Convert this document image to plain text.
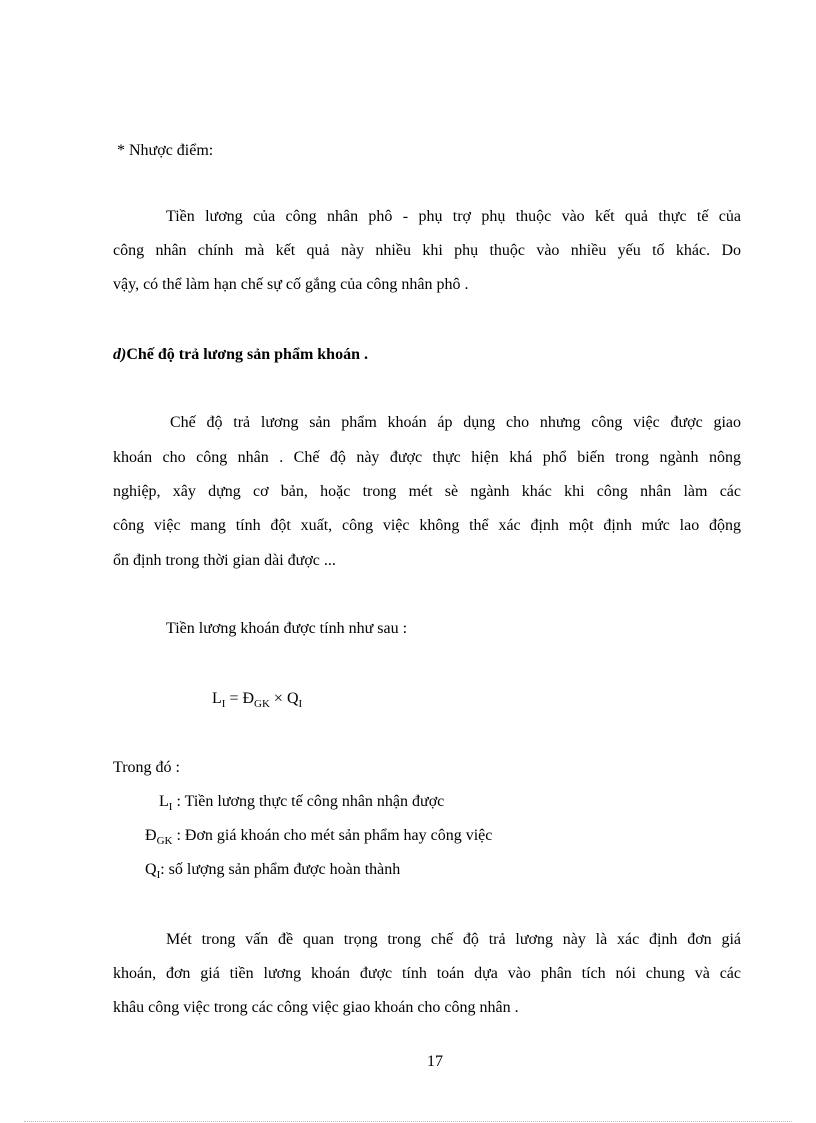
* Nhược điểm:
Tiền lương của công nhân phô - phụ trợ phụ thuộc vào kết quả thực tế của
công nhân chính mà kết quả này nhiều khi phụ thuộc vào nhiều yếu tố khác. Do
vậy, có thể làm hạn chế sự cố gắng của công nhân phô .
d)Chế độ trả lương sản phẩm khoán .
Chế độ trả lương sản phẩm khoán áp dụng cho nhưng công việc được giao
khoán cho công nhân . Chế độ này được thực hiện khá phổ biến trong ngành nông
nghiệp, xây dựng cơ bản, hoặc trong mét sè ngành khác khi công nhân làm các
công việc mang tính đột xuất, công việc không thể xác định một định mức lao động
ổn định trong thời gian dài được ...
Tiền lương khoán được tính như sau :
$L_I$ = $Đ_{GK} \times Q_I$
Trong đó :
$L_I$ : Tiền lương thực tế công nhân nhận được
$Đ_{GK}$ : Đơn giá khoán cho mét sản phẩm hay công việc
$Q_I$: số lượng sản phẩm được hoàn thành
Mét trong vấn đề quan trọng trong chế độ trả lương này là xác định đơn giá
khoán, đơn giá tiền lương khoán được tính toán dựa vào phân tích nói chung và các
khâu công việc trong các công việc giao khoán cho công nhân .
17
